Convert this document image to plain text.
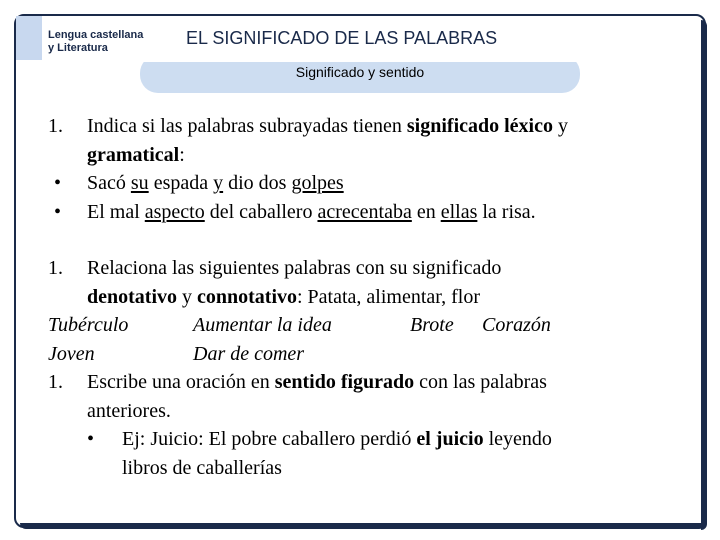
Lengua castellana
y Literatura	EL SIGNIFICADO DE LAS PALABRAS
Significado y sentido
1.	Indica si las palabras subrayadas tienen significado léxico y
gramatical:
•	Sacó su espada y dio dos golpes
•	El mal aspecto del caballero acrecentaba en ellas la risa.
1.	Relaciona las siguientes palabras con su significado
denotativo y connotativo: Patata, alimentar, flor
Tubérculo	Aumentar la idea	Brote Corazón
Joven	Dar de comer
1.	Escribe una oración en sentido figurado con las palabras
anteriores.
•	Ej: Juicio: El pobre caballero perdió el juicio leyendo
libros de caballerías
